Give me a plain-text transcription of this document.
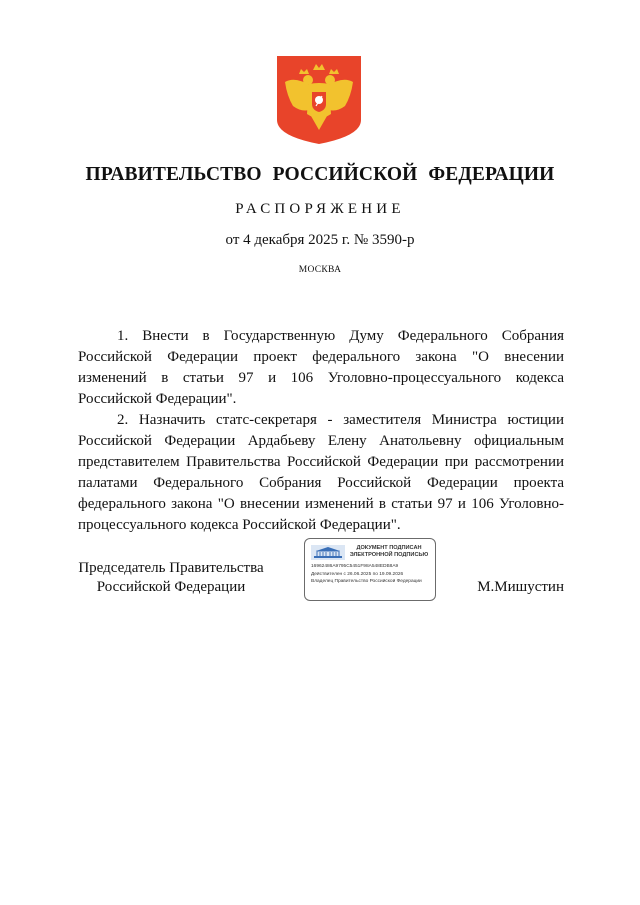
ПРАВИТЕЛЬСТВО РОССИЙСКОЙ ФЕДЕРАЦИИ
РАСПОРЯЖЕНИЕ
от 4 декабря 2025 г. № 3590-р
МОСКВА

1. Внести в Государственную Думу Федерального Собрания Российской Федерации проект федерального закона "О внесении изменений в статьи 97 и 106 Уголовно-процессуального кодекса Российской Федерации".

2. Назначить статс-секретаря - заместителя Министра юстиции Российской Федерации Ардабьеву Елену Анатольевну официальным представителем Правительства Российской Федерации при рассмотрении палатами Федерального Собрания Российской Федерации проекта федерального закона "О внесении изменений в статьи 97 и 106 Уголовно-процессуального кодекса Российской Федерации".

Председатель Правительства
Российской Федерации
ДОКУМЕНТ ПОДПИСАН
ЭЛЕКТРОННОЙ ПОДПИСЬЮ
16962486A9795C5451F98A548EDB8A9
Действителен с 26.06.2025 по 19.09.2026
Владелец Правительство Российской Федерации	М.Мишустин
